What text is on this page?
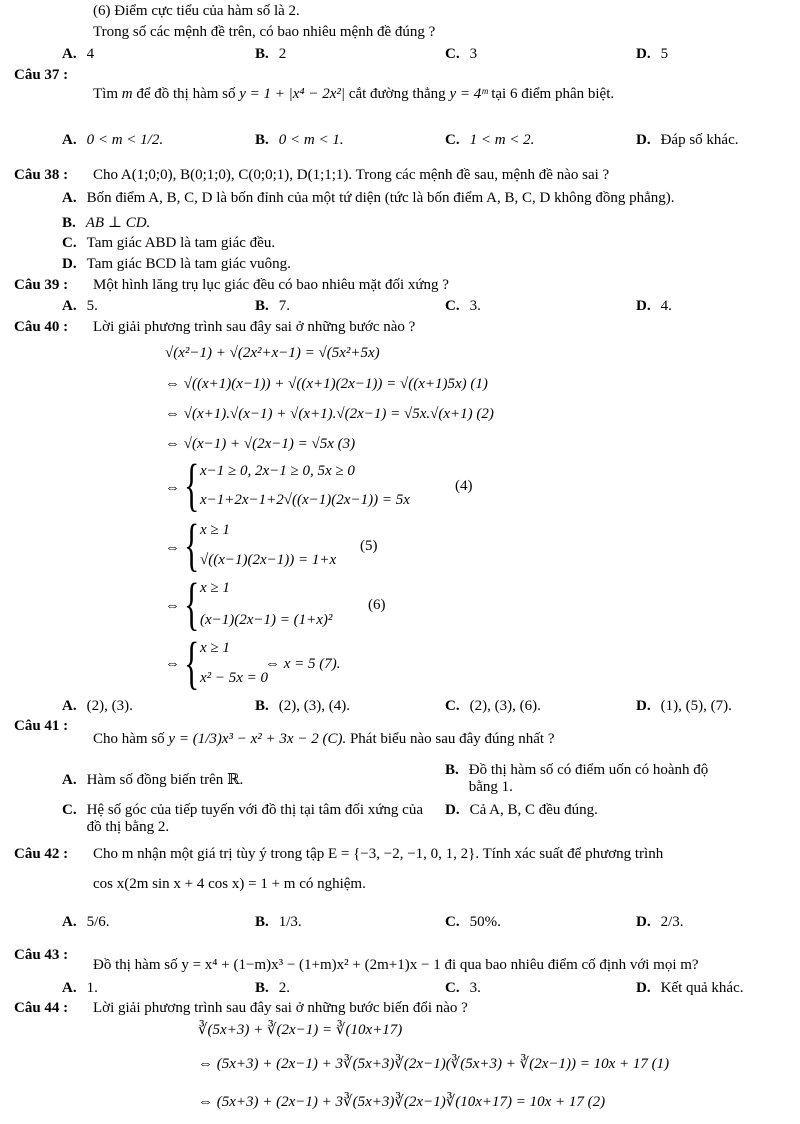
(6) Điểm cực tiểu của hàm số là 2.
Trong số các mệnh đề trên, có bao nhiêu mệnh đề đúng ?
A. 4	B. 2	C. 3	D. 5
Câu 37 :
Tìm m để đồ thị hàm số y = 1 + |x⁴ − 2x²| cắt đường thẳng y = 4ᵐ tại 6 điểm phân biệt.
A. 0 < m < 1/2.	B. 0 < m < 1.	C. 1 < m < 2.	D. Đáp số khác.
Câu 38 : Cho A(1;0;0), B(0;1;0), C(0;0;1), D(1;1;1). Trong các mệnh đề sau, mệnh đề nào sai ?
A. Bốn điểm A, B, C, D là bốn đỉnh của một tứ diện (tức là bốn điểm A, B, C, D không đồng phẳng).
B. AB ⊥ CD.
C. Tam giác ABD là tam giác đều.
D. Tam giác BCD là tam giác vuông.
Câu 39 : Một hình lăng trụ lục giác đều có bao nhiêu mặt đối xứng ?
A. 5.	B. 7.	C. 3.	D. 4.
Câu 40 : Lời giải phương trình sau đây sai ở những bước nào ?
√(x²−1) + √(2x²+x−1) = √(5x²+5x)
⇔ √((x+1)(x−1)) + √((x+1)(2x−1)) = √((x+1)5x) (1)
⇔ √(x+1).√(x−1) + √(x+1).√(2x−1) = √5x.√(x+1) (2)
⇔ √(x−1) + √(2x−1) = √5x (3)
⇔ { x−1 ≥ 0, 2x−1 ≥ 0, 5x ≥ 0
x−1+2x−1+2√((x−1)(2x−1)) = 5x
(4)
⇔ { x ≥ 1
√((x−1)(2x−1)) = 1+x
(5)
⇔ { x ≥ 1
(x−1)(2x−1) = (1+x)²
(6)
⇔ { x ≥ 1
x² − 5x = 0
⇔ x = 5 (7).
A. (2), (3).	B. (2), (3), (4).	C. (2), (3), (6).	D. (1), (5), (7).
Câu 41 :
Cho hàm số y = (1/3)x³ − x² + 3x − 2 (C). Phát biểu nào sau đây đúng nhất ?
A. Hàm số đồng biến trên ℝ.
B. Đồ thị hàm số có điểm uốn có hoành độ bằng 1.
C. Hệ số góc của tiếp tuyến với đồ thị tại tâm đối xứng của đồ thị bằng 2.
D. Cả A, B, C đều đúng.
Câu 42 : Cho m nhận một giá trị tùy ý trong tập E = {−3, −2, −1, 0, 1, 2}. Tính xác suất để phương trình
cos x(2m sin x + 4 cos x) = 1 + m có nghiệm.
A. 5/6.	B. 1/3.	C. 50%.	D. 2/3.
Câu 43 :
Đồ thị hàm số y = x⁴ + (1−m)x³ − (1+m)x² + (2m+1)x − 1 đi qua bao nhiêu điểm cố định với mọi m?
A. 1.	B. 2.	C. 3.	D. Kết quả khác.
Câu 44 : Lời giải phương trình sau đây sai ở những bước biến đổi nào ?
∛(5x+3) + ∛(2x−1) = ∛(10x+17)
⇔ (5x+3) + (2x−1) + 3∛(5x+3)∛(2x−1)(∛(5x+3) + ∛(2x−1)) = 10x + 17 (1)
⇔ (5x+3) + (2x−1) + 3∛(5x+3)∛(2x−1)∛(10x+17) = 10x + 17 (2)
